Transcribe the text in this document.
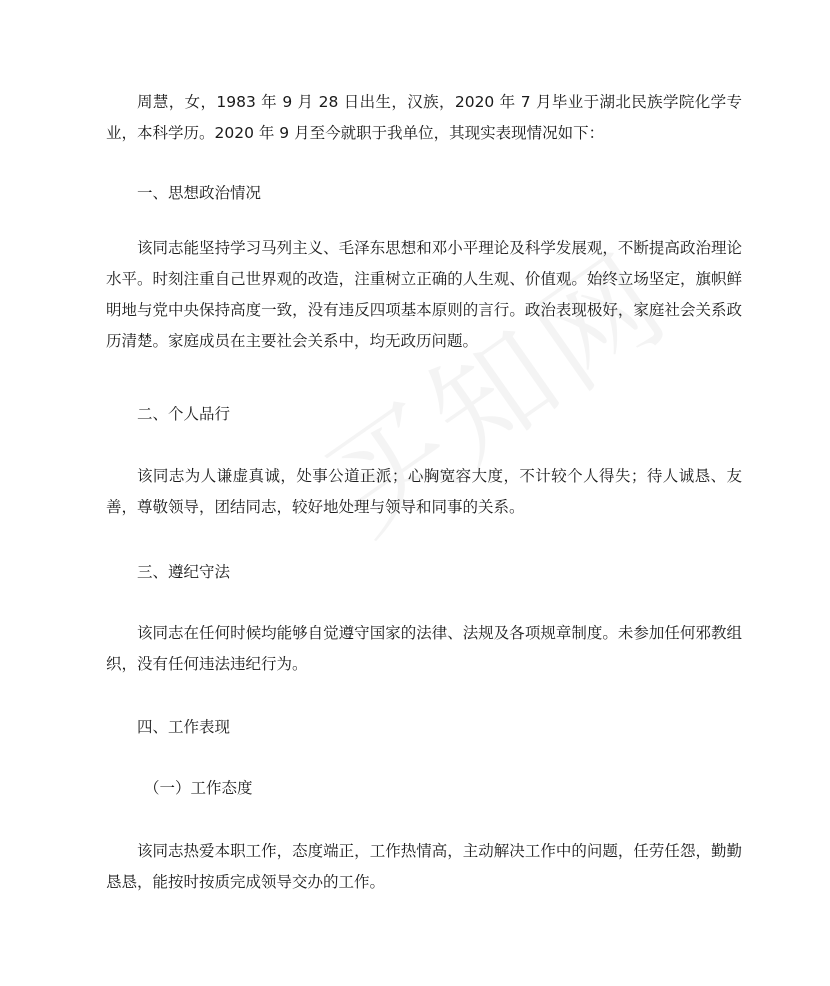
周慧，女，1983 年 9 月 28 日出生，汉族，2020 年 7 月毕业于湖北民族学院化学专业，本科学历。2020 年 9 月至今就职于我单位，其现实表现情况如下：

一、思想政治情况

该同志能坚持学习马列主义、毛泽东思想和邓小平理论及科学发展观，不断提高政治理论水平。时刻注重自己世界观的改造，注重树立正确的人生观、价值观。始终立场坚定，旗帜鲜明地与党中央保持高度一致，没有违反四项基本原则的言行。政治表现极好，家庭社会关系政历清楚。家庭成员在主要社会关系中，均无政历问题。

二、个人品行

该同志为人谦虚真诚，处事公道正派；心胸宽容大度，不计较个人得失；待人诚恳、友善，尊敬领导，团结同志，较好地处理与领导和同事的关系。

三、遵纪守法

该同志在任何时候均能够自觉遵守国家的法律、法规及各项规章制度。未参加任何邪教组织，没有任何违法违纪行为。

四、工作表现

（一）工作态度

该同志热爱本职工作，态度端正，工作热情高，主动解决工作中的问题，任劳任怨，勤勤恳恳，能按时按质完成领导交办的工作。
